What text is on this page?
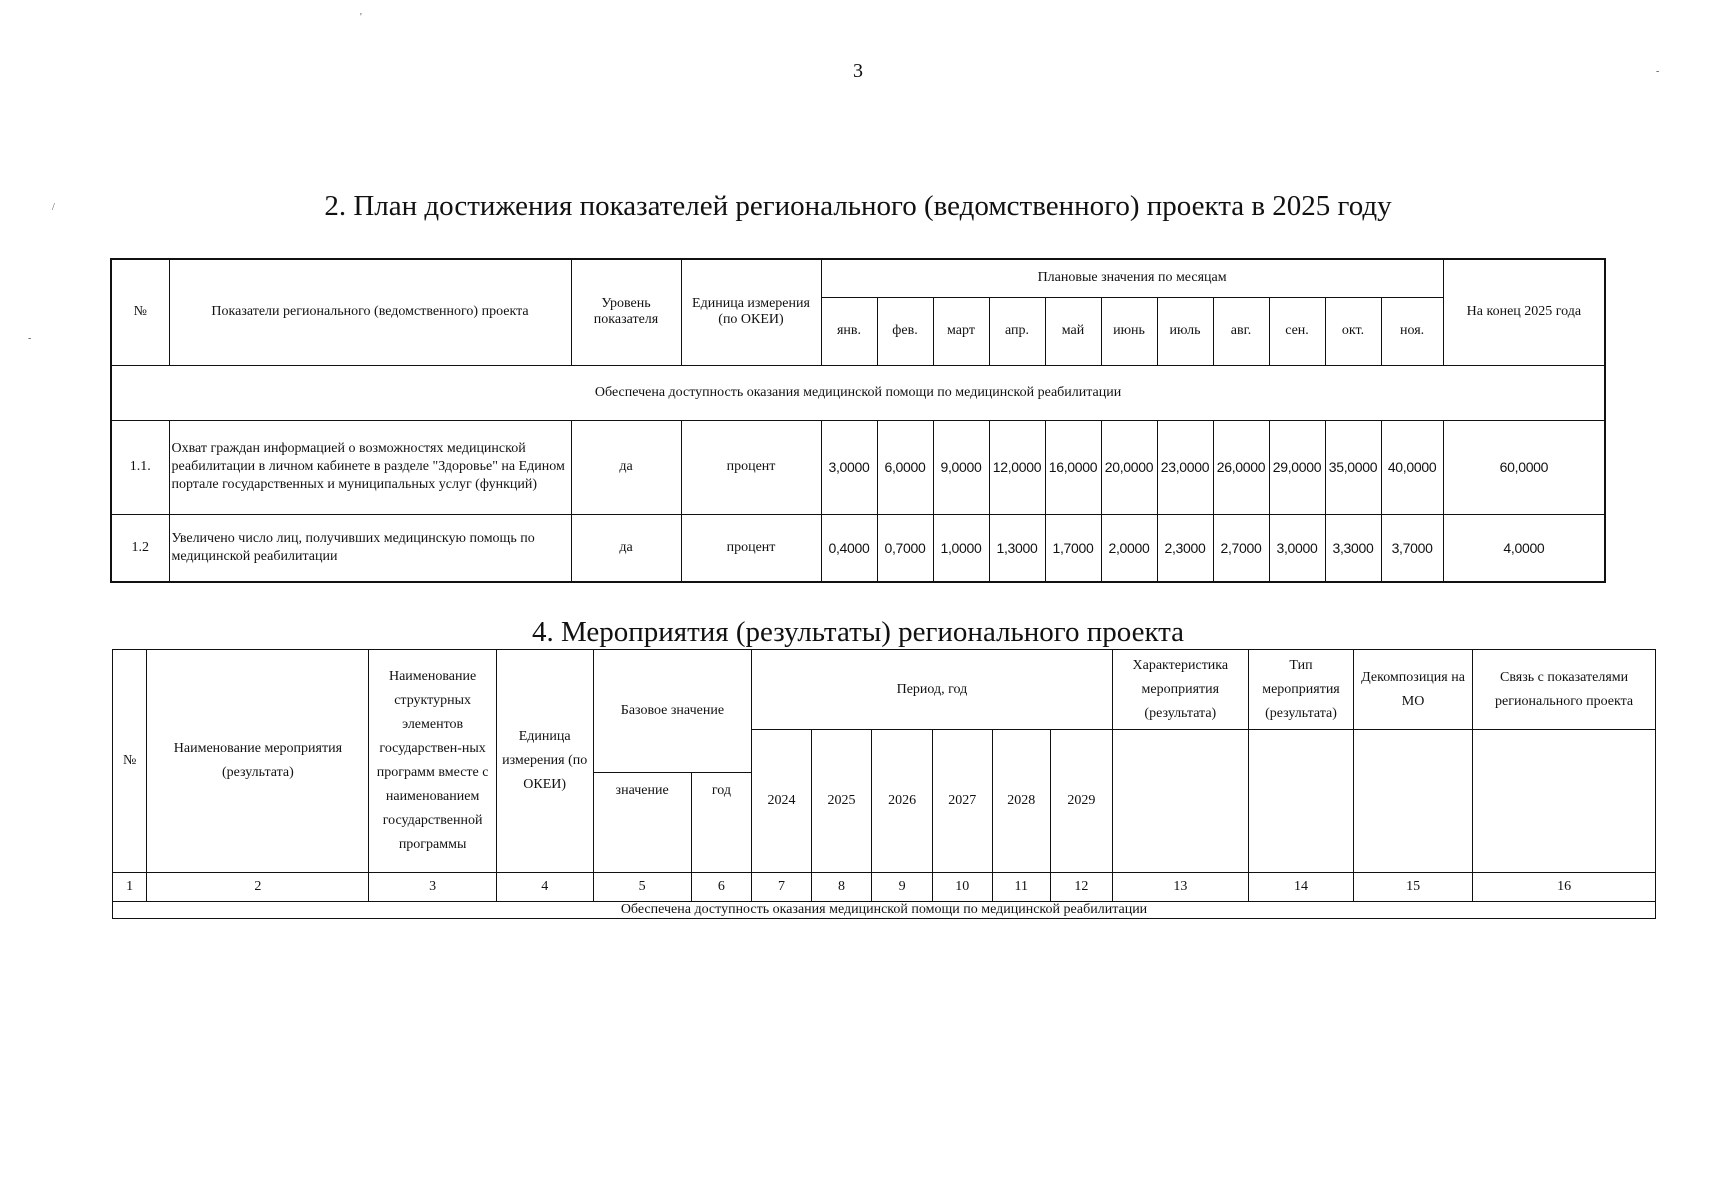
3
2. План достижения показателей регионального (ведомственного) проекта в 2025 году
№	Показатели регионального (ведомственного) проекта	Уровень показателя	Единица измерения (по ОКЕИ)	Плановые значения по месяцам											На конец 2025 года
				янв.	фев.	март	апр.	май	июнь	июль	авг.	сен.	окт.	ноя.	
Обеспечена доступность оказания медицинской помощи по медицинской реабилитации															
1.1.	Охват граждан информацией о возможностях медицинской реабилитации в личном кабинете в разделе "Здоровье" на Едином портале государственных и муниципальных услуг (функций)	да	процент	3,0000	6,0000	9,0000	12,0000	16,0000	20,0000	23,0000	26,0000	29,0000	35,0000	40,0000	60,0000
1.2	Увеличено число лиц, получивших медицинскую помощь по медицинской реабилитации	да	процент	0,4000	0,7000	1,0000	1,3000	1,7000	2,0000	2,3000	2,7000	3,0000	3,3000	3,7000	4,0000
4. Мероприятия (результаты) регионального проекта
№	Наименование мероприятия (результата)	Наименование структурных элементов государствен-ных программ вместе с наименованием государственной программы	Единица измерения (по ОКЕИ)	Базовое значение		Период, год						Характеристика мероприятия (результата)	Тип мероприятия (результата)	Декомпозиция на МО	Связь с показателями регионального проекта
						2024	2025	2026	2027	2028	2029				
				значение	год										
1	2	3	4	5	6	7	8	9	10	11	12	13	14	15	16
Обеспечена доступность оказания медицинской помощи по медицинской реабилитации															
'
-
/
-
